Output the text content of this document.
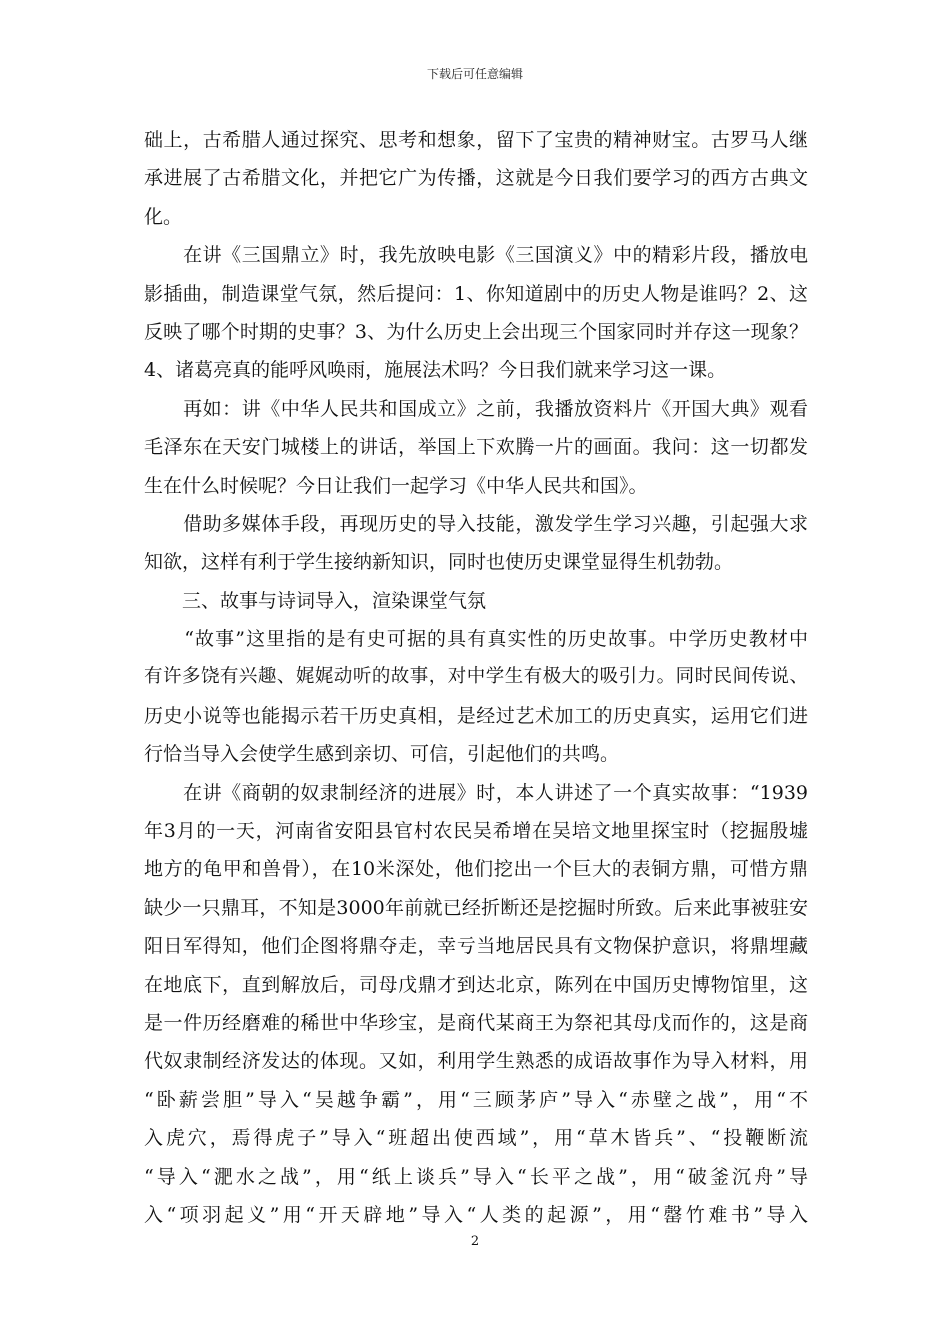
下载后可任意编辑
础上，古希腊人通过探究、思考和想象，留下了宝贵的精神财宝。古罗马人继
承进展了古希腊文化，并把它广为传播，这就是今日我们要学习的西方古典文
化。
　　在讲《三国鼎立》时，我先放映电影《三国演义》中的精彩片段，播放电
影插曲，制造课堂气氛，然后提问：1、你知道剧中的历史人物是谁吗？2、这
反映了哪个时期的史事？3、为什么历史上会出现三个国家同时并存这一现象？
4、诸葛亮真的能呼风唤雨，施展法术吗？今日我们就来学习这一课。
　　再如：讲《中华人民共和国成立》之前，我播放资料片《开国大典》观看
毛泽东在天安门城楼上的讲话，举国上下欢腾一片的画面。我问：这一切都发
生在什么时候呢？今日让我们一起学习《中华人民共和国》。
　　借助多媒体手段，再现历史的导入技能，激发学生学习兴趣，引起强大求
知欲，这样有利于学生接纳新知识，同时也使历史课堂显得生机勃勃。
　　三、故事与诗词导入，渲染课堂气氛
　　“故事”这里指的是有史可据的具有真实性的历史故事。中学历史教材中
有许多饶有兴趣、娓娓动听的故事，对中学生有极大的吸引力。同时民间传说、
历史小说等也能揭示若干历史真相，是经过艺术加工的历史真实，运用它们进
行恰当导入会使学生感到亲切、可信，引起他们的共鸣。
　　在讲《商朝的奴隶制经济的进展》时，本人讲述了一个真实故事：“1939
年3月的一天，河南省安阳县官村农民吴希增在吴培文地里探宝时（挖掘殷墟
地方的龟甲和兽骨），在10米深处，他们挖出一个巨大的表铜方鼎，可惜方鼎
缺少一只鼎耳，不知是3000年前就已经折断还是挖掘时所致。后来此事被驻安
阳日军得知，他们企图将鼎夺走，幸亏当地居民具有文物保护意识，将鼎埋藏
在地底下，直到解放后，司母戊鼎才到达北京，陈列在中国历史博物馆里，这
是一件历经磨难的稀世中华珍宝，是商代某商王为祭祀其母戊而作的，这是商
代奴隶制经济发达的体现。又如，利用学生熟悉的成语故事作为导入材料，用
“卧薪尝胆”导入“吴越争霸”，用“三顾茅庐”导入“赤壁之战”，用“不
入虎穴，焉得虎子”导入“班超出使西域”，用“草木皆兵”、“投鞭断流
“导入“淝水之战”，用“纸上谈兵”导入“长平之战”，用“破釜沉舟”导
入“项羽起义”用“开天辟地”导入“人类的起源”，用“罄竹难书”导入
2
